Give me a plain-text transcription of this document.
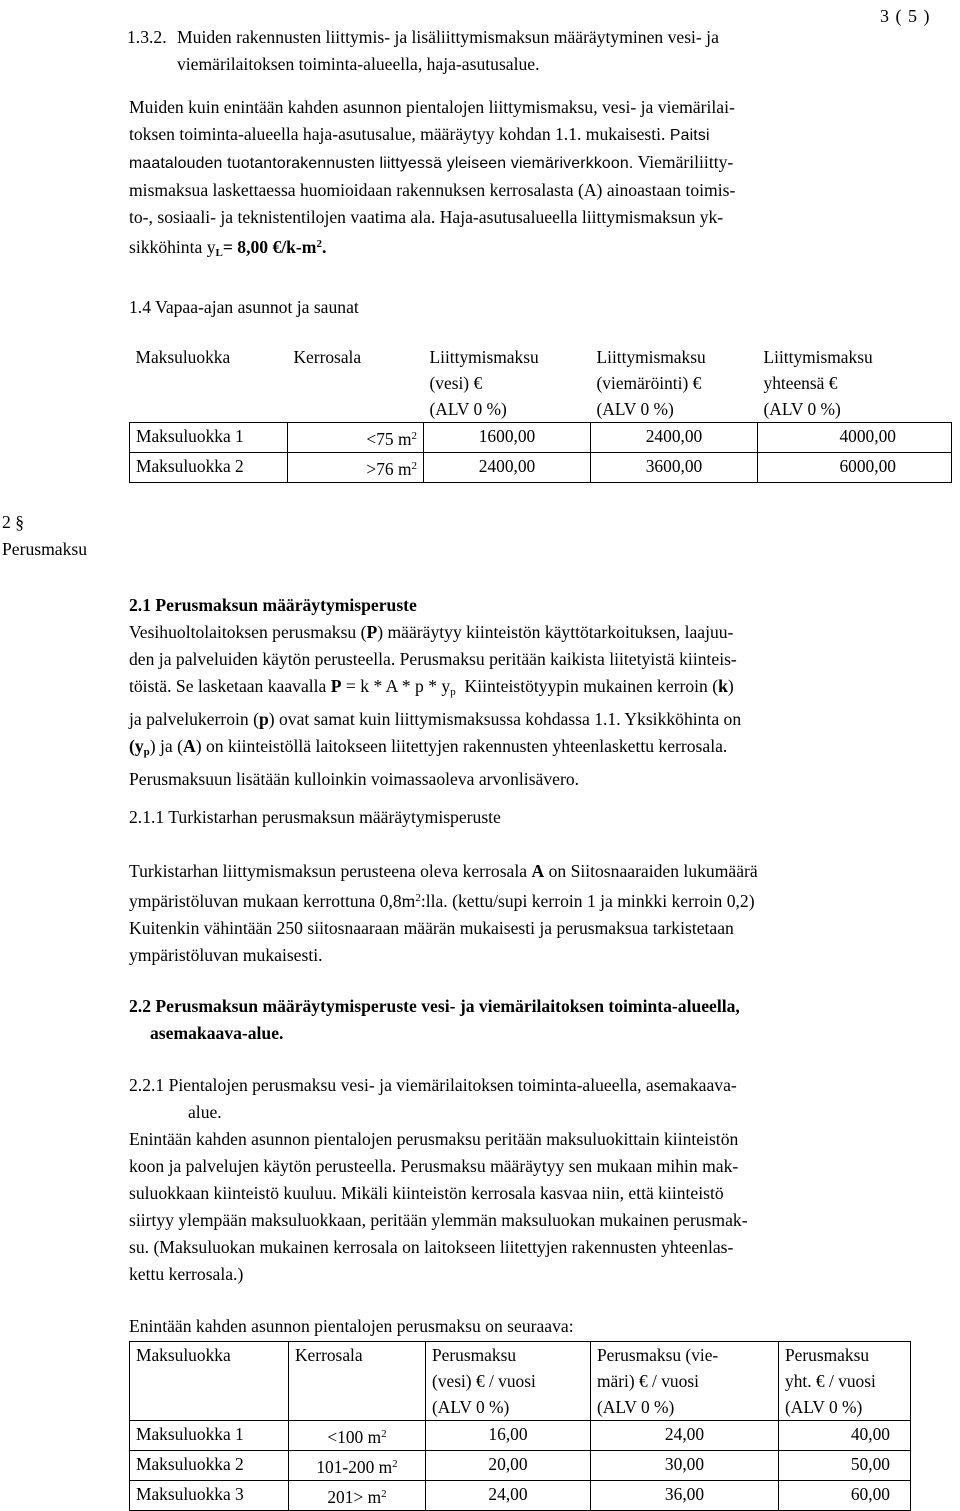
3 ( 5 )
1.3.2. Muiden rakennusten liittymis- ja lisäliittymismaksun määräytyminen vesi- ja
viemärilaitoksen toiminta-alueella, haja-asutusalue.
Muiden kuin enintään kahden asunnon pientalojen liittymismaksu, vesi- ja viemärilai-
toksen toiminta-alueella haja-asutusalue, määräytyy kohdan 1.1. mukaisesti. Paitsi
maatalouden tuotantorakennusten liittyessä yleiseen viemäriverkkoon. Viemäriliitty-
mismaksua laskettaessa huomioidaan rakennuksen kerrosalasta (A) ainoastaan toimis-
to-, sosiaali- ja teknistentilojen vaatima ala. Haja-asutusalueella liittymismaksun yk-
sikköhinta $y_L= 8,00$ $€/k-m^2$.
1.4 Vapaa-ajan asunnot ja saunat
Maksuluokka	Kerrosala	Liittymismaksu
(vesi) €
(ALV 0 %)	Liittymismaksu
(viemäröinti) €
(ALV 0 %)	Liittymismaksu
yhteensä €
(ALV 0 %)
Maksuluokka 1	<75 $m^2$	1600,00	2400,00	4000,00
Maksuluokka 2	>76 $m^2$	2400,00	3600,00	6000,00
2 §
Perusmaksu
2.1 Perusmaksun määräytymisperuste
Vesihuoltolaitoksen perusmaksu (P) määräytyy kiinteistön käyttötarkoituksen, laajuu-
den ja palveluiden käytön perusteella. Perusmaksu peritään kaikista liitetyistä kiinteis-
töistä. Se lasketaan kaavalla $P = k * A * p * y_p$ Kiinteistötyypin mukainen kerroin (k)
ja palvelukerroin (p) ovat samat kuin liittymismaksussa kohdassa 1.1. Yksikköhinta on
$(y_p)$ ja (A) on kiinteistöllä laitokseen liitettyjen rakennusten yhteenlaskettu kerrosala.
Perusmaksuun lisätään kulloinkin voimassaoleva arvonlisävero.
2.1.1 Turkistarhan perusmaksun määräytymisperuste
Turkistarhan liittymismaksun perusteena oleva kerrosala A on Siitosnaaraiden lukumäärä
ympäristöluvan mukaan kerrottuna $0,8m^2:lla$. (kettu/supi kerroin 1 ja minkki kerroin 0,2)
Kuitenkin vähintään 250 siitosnaaraan määrän mukaisesti ja perusmaksua tarkistetaan
ympäristöluvan mukaisesti.
2.2 Perusmaksun määräytymisperuste vesi- ja viemärilaitoksen toiminta-alueella,
asemakaava-alue.
2.2.1 Pientalojen perusmaksu vesi- ja viemärilaitoksen toiminta-alueella, asemakaava-
alue.
Enintään kahden asunnon pientalojen perusmaksu peritään maksuluokittain kiinteistön
koon ja palvelujen käytön perusteella. Perusmaksu määräytyy sen mukaan mihin mak-
suluokkaan kiinteistö kuuluu. Mikäli kiinteistön kerrosala kasvaa niin, että kiinteistö
siirtyy ylempään maksuluokkaan, peritään ylemmän maksuluokan mukainen perusmak-
su. (Maksuluokan mukainen kerrosala on laitokseen liitettyjen rakennusten yhteenlas-
kettu kerrosala.)
Enintään kahden asunnon pientalojen perusmaksu on seuraava:
Maksuluokka	Kerrosala	Perusmaksu
(vesi) € / vuosi
(ALV 0 %)	Perusmaksu (vie-
märi) € / vuosi
(ALV 0 %)	Perusmaksu
yht. € / vuosi
(ALV 0 %)
Maksuluokka 1	<100 $m^2$	16,00	24,00	40,00
Maksuluokka 2	101-200 $m^2$	20,00	30,00	50,00
Maksuluokka 3	$201> m^2$	24,00	36,00	60,00
